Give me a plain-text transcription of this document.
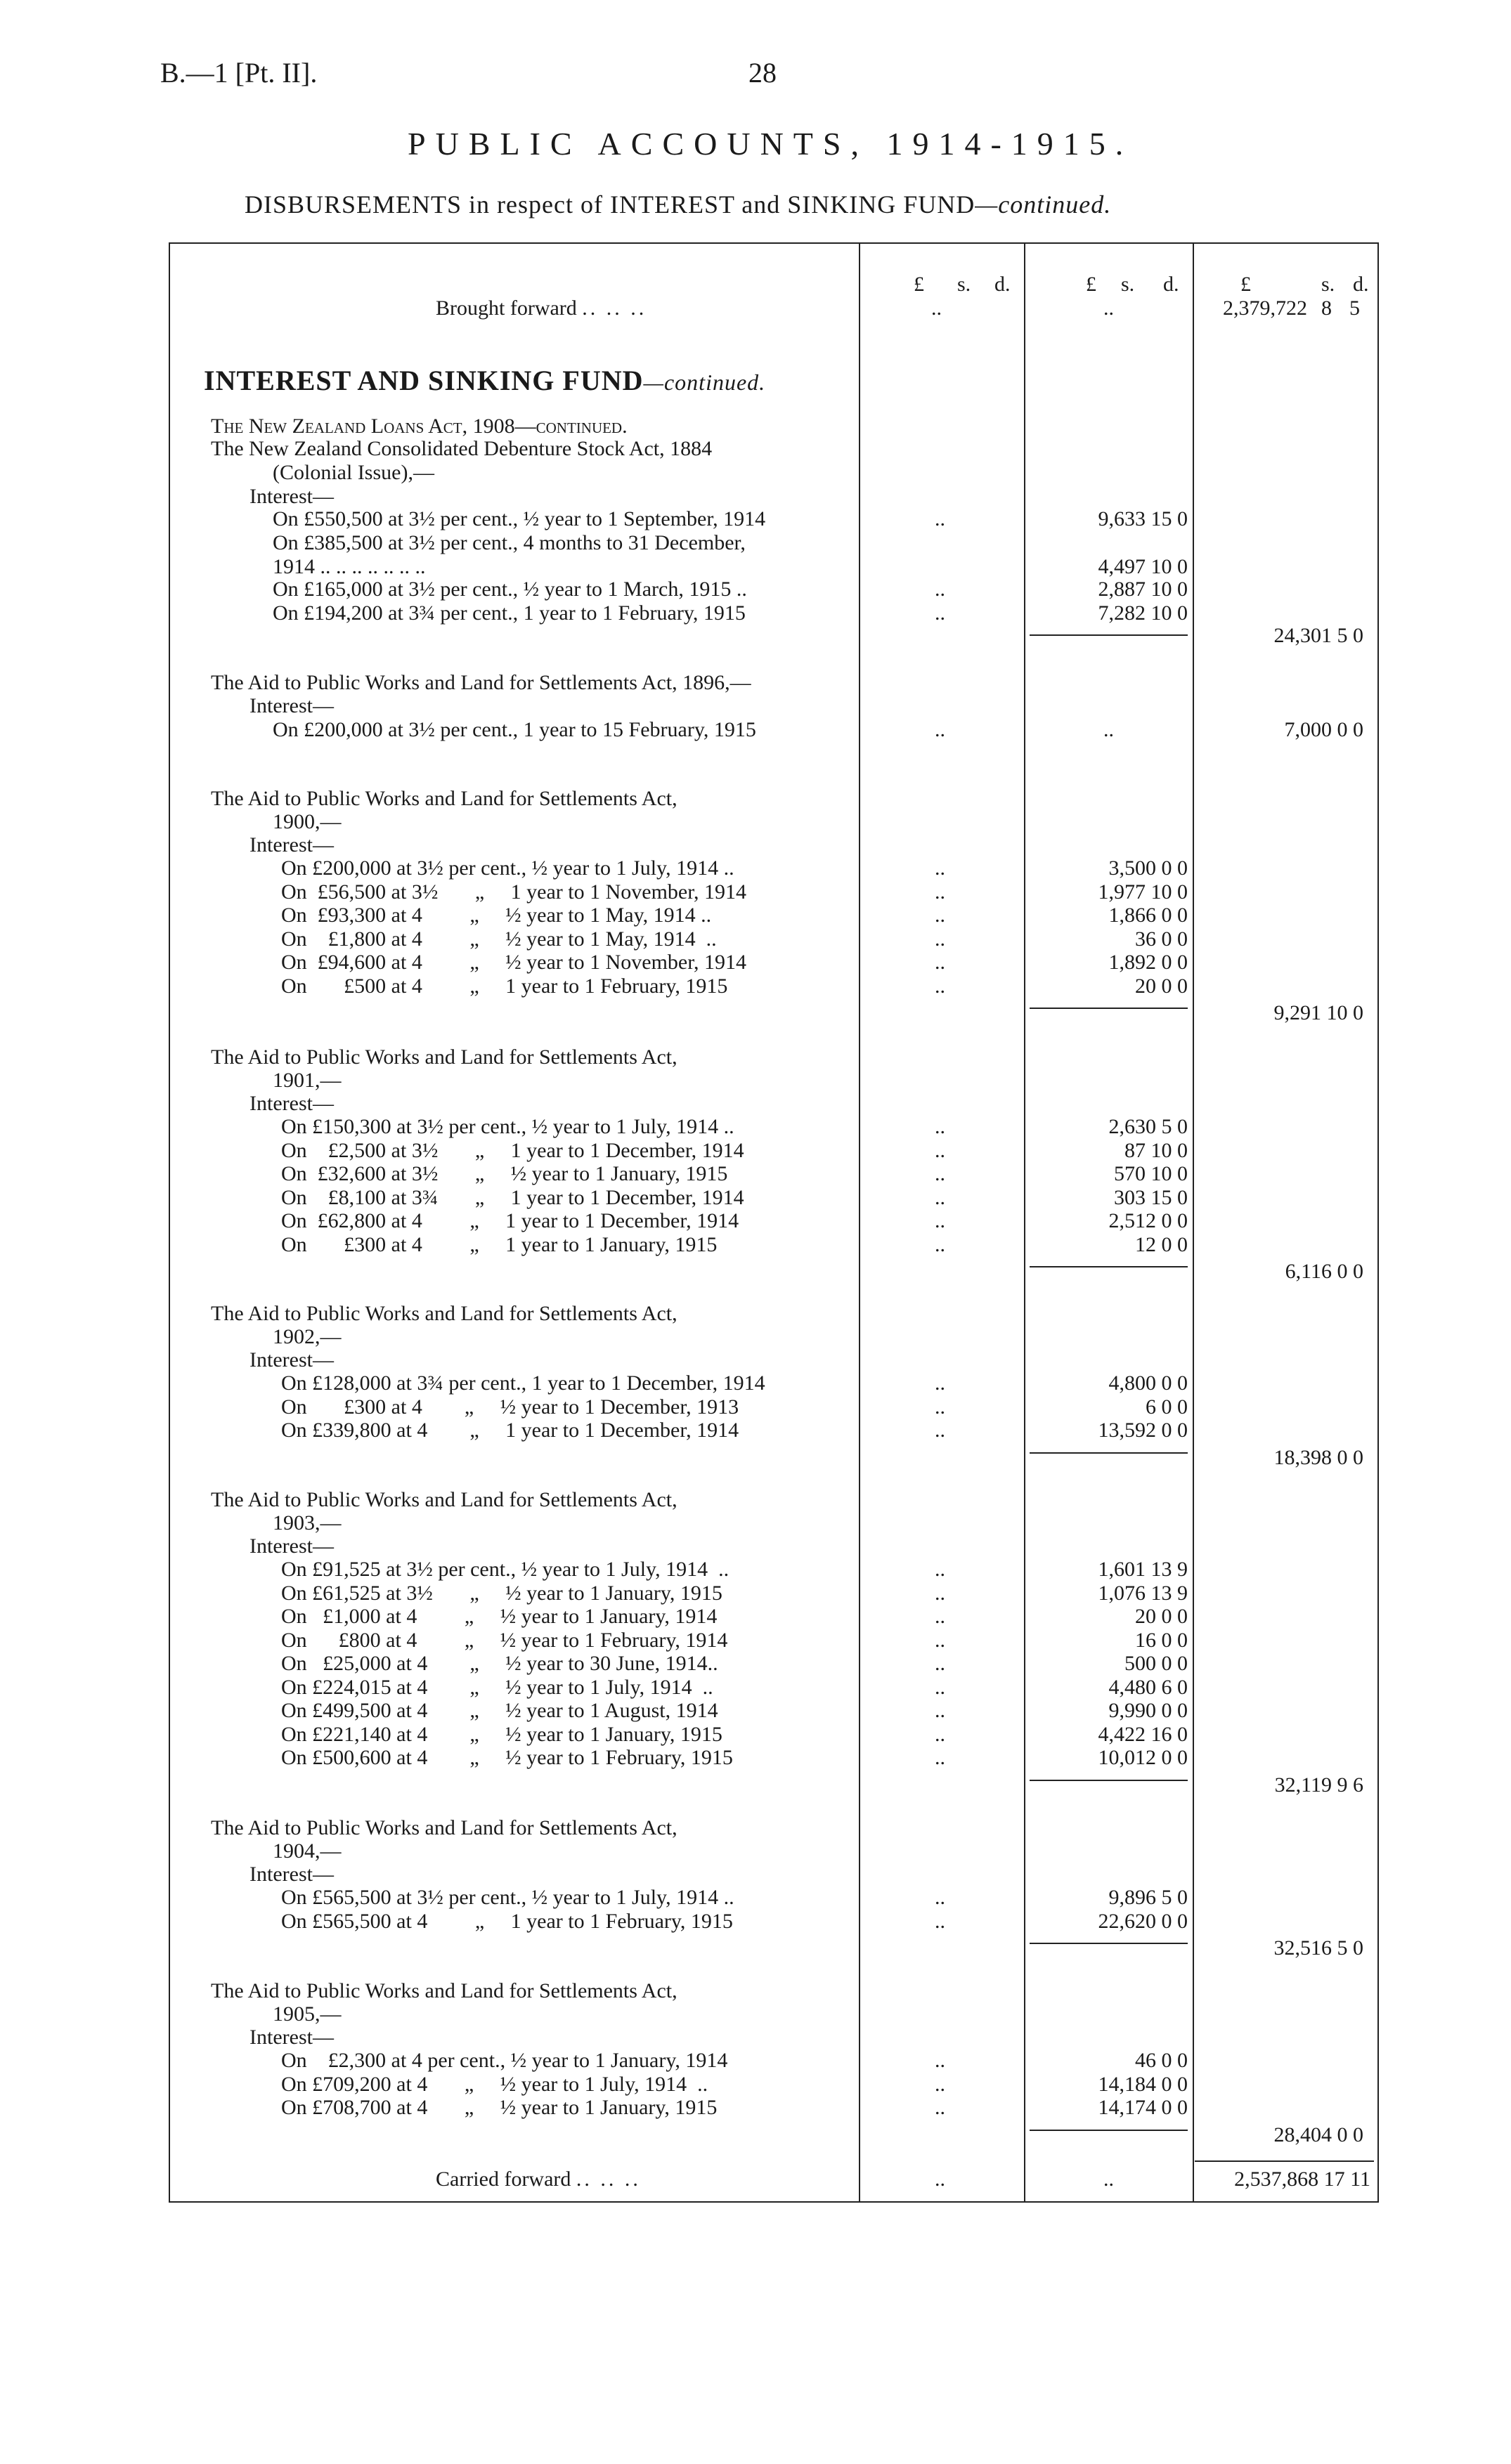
B.—1 [Pt. II].	28
PUBLIC ACCOUNTS, 1914-1915.
DISBURSEMENTS in respect of INTEREST and SINKING FUND—continued.
£ s. d.	£ s. d.	£	s. d.
Brought forward .. .. ..	..	..	2,379,722 8 5
INTEREST AND SINKING FUND—continued.
The New Zealand Loans Act, 1908—continued.
The New Zealand Consolidated Debenture Stock Act, 1884
(Colonial Issue),—
Interest—
On £550,500 at 3½ per cent., ½ year to 1 September, 1914	..	9,633 15 0
On £385,500 at 3½ per cent., 4 months to 31 December,
1914 .. .. .. .. .. .. ..	4,497 10 0
On £165,000 at 3½ per cent., ½ year to 1 March, 1915 ..	..	2,887 10 0
On £194,200 at 3¾ per cent., 1 year to 1 February, 1915	..	7,282 10 0
24,301 5 0
The Aid to Public Works and Land for Settlements Act, 1896,—
Interest—
On £200,000 at 3½ per cent., 1 year to 15 February, 1915	..	..	7,000 0 0
The Aid to Public Works and Land for Settlements Act,
1900,—
Interest—
On £200,000 at 3½ per cent., ½ year to 1 July, 1914 ..	..	3,500 0 0
On  £56,500 at 3½       „     1 year to 1 November, 1914	..	1,977 10 0
On  £93,300 at 4         „     ½ year to 1 May, 1914 ..	..	1,866 0 0
On    £1,800 at 4         „     ½ year to 1 May, 1914  ..	..	36 0 0
On  £94,600 at 4         „     ½ year to 1 November, 1914	..	1,892 0 0
On       £500 at 4         „     1 year to 1 February, 1915	..	20 0 0
9,291 10 0
The Aid to Public Works and Land for Settlements Act,
1901,—
Interest—
On £150,300 at 3½ per cent., ½ year to 1 July, 1914 ..	..	2,630 5 0
On    £2,500 at 3½       „     1 year to 1 December, 1914	..	87 10 0
On  £32,600 at 3½       „     ½ year to 1 January, 1915	..	570 10 0
On    £8,100 at 3¾       „     1 year to 1 December, 1914	..	303 15 0
On  £62,800 at 4         „     1 year to 1 December, 1914	..	2,512 0 0
On       £300 at 4         „     1 year to 1 January, 1915	..	12 0 0
6,116 0 0
The Aid to Public Works and Land for Settlements Act,
1902,—
Interest—
On £128,000 at 3¾ per cent., 1 year to 1 December, 1914	..	4,800 0 0
On       £300 at 4        „     ½ year to 1 December, 1913	..	6 0 0
On £339,800 at 4        „     1 year to 1 December, 1914	..	13,592 0 0
18,398 0 0
The Aid to Public Works and Land for Settlements Act,
1903,—
Interest—
On £91,525 at 3½ per cent., ½ year to 1 July, 1914  ..	..	1,601 13 9
On £61,525 at 3½       „     ½ year to 1 January, 1915	..	1,076 13 9
On   £1,000 at 4         „     ½ year to 1 January, 1914	..	20 0 0
On      £800 at 4         „     ½ year to 1 February, 1914	..	16 0 0
On   £25,000 at 4        „     ½ year to 30 June, 1914..	..	500 0 0
On £224,015 at 4        „     ½ year to 1 July, 1914  ..	..	4,480 6 0
On £499,500 at 4        „     ½ year to 1 August, 1914	..	9,990 0 0
On £221,140 at 4        „     ½ year to 1 January, 1915	..	4,422 16 0
On £500,600 at 4        „     ½ year to 1 February, 1915	..	10,012 0 0
32,119 9 6
The Aid to Public Works and Land for Settlements Act,
1904,—
Interest—
On £565,500 at 3½ per cent., ½ year to 1 July, 1914 ..	..	9,896 5 0
On £565,500 at 4         „     1 year to 1 February, 1915	..	22,620 0 0
32,516 5 0
The Aid to Public Works and Land for Settlements Act,
1905,—
Interest—
On    £2,300 at 4 per cent., ½ year to 1 January, 1914	..	46 0 0
On £709,200 at 4       „     ½ year to 1 July, 1914  ..	..	14,184 0 0
On £708,700 at 4       „     ½ year to 1 January, 1915	..	14,174 0 0
28,404 0 0
Carried forward .. .. ..	..	..	2,537,868 17 11
